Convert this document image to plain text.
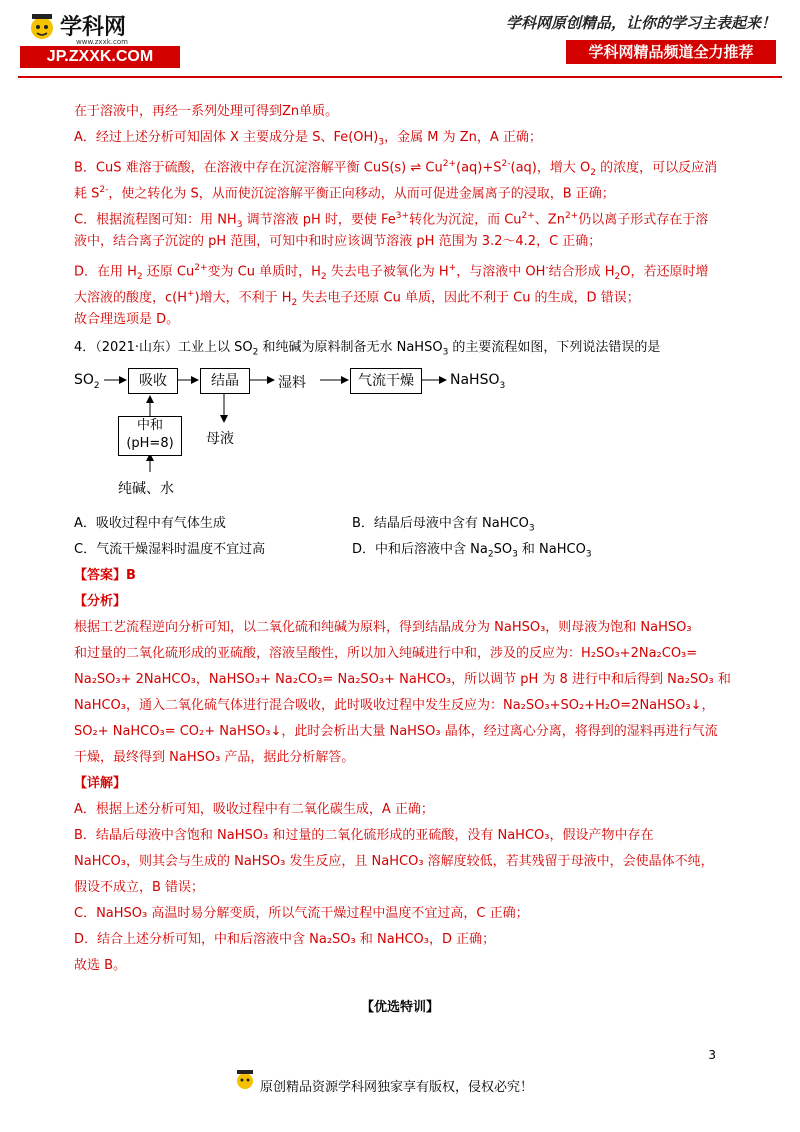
学科网
www.zxxk.com
JP.ZXXK.COM
学科网原创精品，让你的学习主表起来！
学科网精品频道全力推荐
在于溶液中，再经一系列处理可得到Zn单质。
A．经过上述分析可知固体 X 主要成分是 S、$Fe(OH)_3$，金属 M 为 Zn，A 正确；
B．CuS 难溶于硫酸，在溶液中存在沉淀溶解平衡 CuS(s) ⇌ $Cu^{2+}(aq)+S^{2-}(aq)$，增大 $O_2$ 的浓度，可以反应消
耗 $S^{2-}$，使之转化为 S，从而使沉淀溶解平衡正向移动，从而可促进金属离子的浸取，B 正确；
C．根据流程图可知：用 $NH_3$ 调节溶液 pH 时，要使 $Fe^{3+}$转化为沉淀，而 $Cu^{2+}$、$Zn^{2+}$仍以离子形式存在于溶
液中，结合离子沉淀的 pH 范围，可知中和时应该调节溶液 pH 范围为 3.2～4.2，C 正确；
D．在用 $H_2$ 还原 $Cu^{2+}$变为 Cu 单质时，$H_2$ 失去电子被氧化为 H+，与溶液中 OH-结合形成 $H_2O$，若还原时增
大溶液的酸度，c(H+)增大，不利于 $H_2$ 失去电子还原 Cu 单质，因此不利于 Cu 的生成，D 错误；
故合理选项是 D。
4．（2021·山东）工业上以 $SO_2$ 和纯碱为原料制备无水 NaHSO$_3$ 的主要流程如图，下列说法错误的是
$SO_2$	吸收	结晶	湿料	气流干燥	NaHSO$_3$
中和
(pH=8)	母液
纯碱、水
A．吸收过程中有气体生成	B．结晶后母液中含有 NaHCO$_3$
C．气流干燥湿料时温度不宜过高	D．中和后溶液中含 $Na_2SO_3$ 和 NaHCO$_3$
【答案】B
【分析】
根据工艺流程逆向分析可知，以二氧化硫和纯碱为原料，得到结晶成分为 NaHSO₃，则母液为饱和 NaHSO₃
和过量的二氧化硫形成的亚硫酸，溶液呈酸性，所以加入纯碱进行中和，涉及的反应为：H₂SO₃+2Na₂CO₃=
Na₂SO₃+ 2NaHCO₃，NaHSO₃+ Na₂CO₃= Na₂SO₃+ NaHCO₃，所以调节 pH 为 8 进行中和后得到 Na₂SO₃ 和
NaHCO₃，通入二氧化硫气体进行混合吸收，此时吸收过程中发生反应为：Na₂SO₃+SO₂+H₂O=2NaHSO₃↓，
SO₂+ NaHCO₃= CO₂+ NaHSO₃↓，此时会析出大量 NaHSO₃ 晶体，经过离心分离，将得到的湿料再进行气流
干燥，最终得到 NaHSO₃ 产品，据此分析解答。
【详解】
A．根据上述分析可知，吸收过程中有二氧化碳生成，A 正确；
B．结晶后母液中含饱和 NaHSO₃ 和过量的二氧化硫形成的亚硫酸，没有 NaHCO₃，假设产物中存在
NaHCO₃，则其会与生成的 NaHSO₃ 发生反应，且 NaHCO₃ 溶解度较低，若其残留于母液中，会使晶体不纯，
假设不成立，B 错误；
C．NaHSO₃ 高温时易分解变质，所以气流干燥过程中温度不宜过高，C 正确；
D．结合上述分析可知，中和后溶液中含 Na₂SO₃ 和 NaHCO₃，D 正确；
故选 B。
【优选特训】
3
原创精品资源学科网独家享有版权，侵权必究！
